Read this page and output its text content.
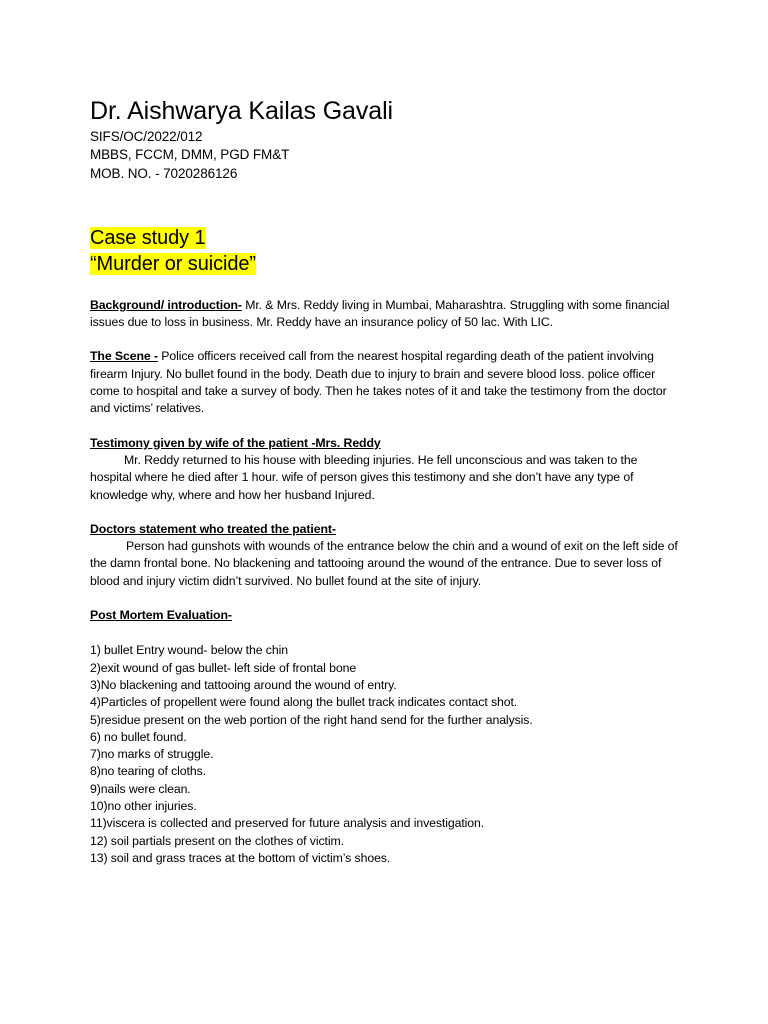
Dr. Aishwarya Kailas Gavali
SIFS/OC/2022/012
MBBS, FCCM, DMM, PGD FM&T
MOB. NO. - 7020286126
Case study 1
“Murder or suicide”

Background/ introduction- Mr. & Mrs. Reddy living in Mumbai, Maharashtra. Struggling with some financial issues due to loss in business. Mr. Reddy have an insurance policy of 50 lac. With LIC.

The Scene - Police officers received call from the nearest hospital regarding death of the patient involving firearm Injury. No bullet found in the body. Death due to injury to brain and severe blood loss. police officer come to hospital and take a survey of body. Then he takes notes of it and take the testimony from the doctor and victims’ relatives.

Testimony given by wife of the patient -Mrs. Reddy
Mr. Reddy returned to his house with bleeding injuries. He fell unconscious and was taken to the hospital where he died after 1 hour. wife of person gives this testimony and she don’t have any type of knowledge why, where and how her husband Injured.
Doctors statement who treated the patient-
Person had gunshots with wounds of the entrance below the chin and a wound of exit on the left side of the damn frontal bone. No blackening and tattooing around the wound of the entrance. Due to sever loss of blood and injury victim didn’t survived. No bullet found at the site of injury.
Post Mortem Evaluation-
1) bullet Entry wound- below the chin
2)exit wound of gas bullet- left side of frontal bone
3)No blackening and tattooing around the wound of entry.
4)Particles of propellent were found along the bullet track indicates contact shot.
5)residue present on the web portion of the right hand send for the further analysis.
6) no bullet found.
7)no marks of struggle.
8)no tearing of cloths.
9)nails were clean.
10)no other injuries.
11)viscera is collected and preserved for future analysis and investigation.
12) soil partials present on the clothes of victim.
13) soil and grass traces at the bottom of victim’s shoes.
